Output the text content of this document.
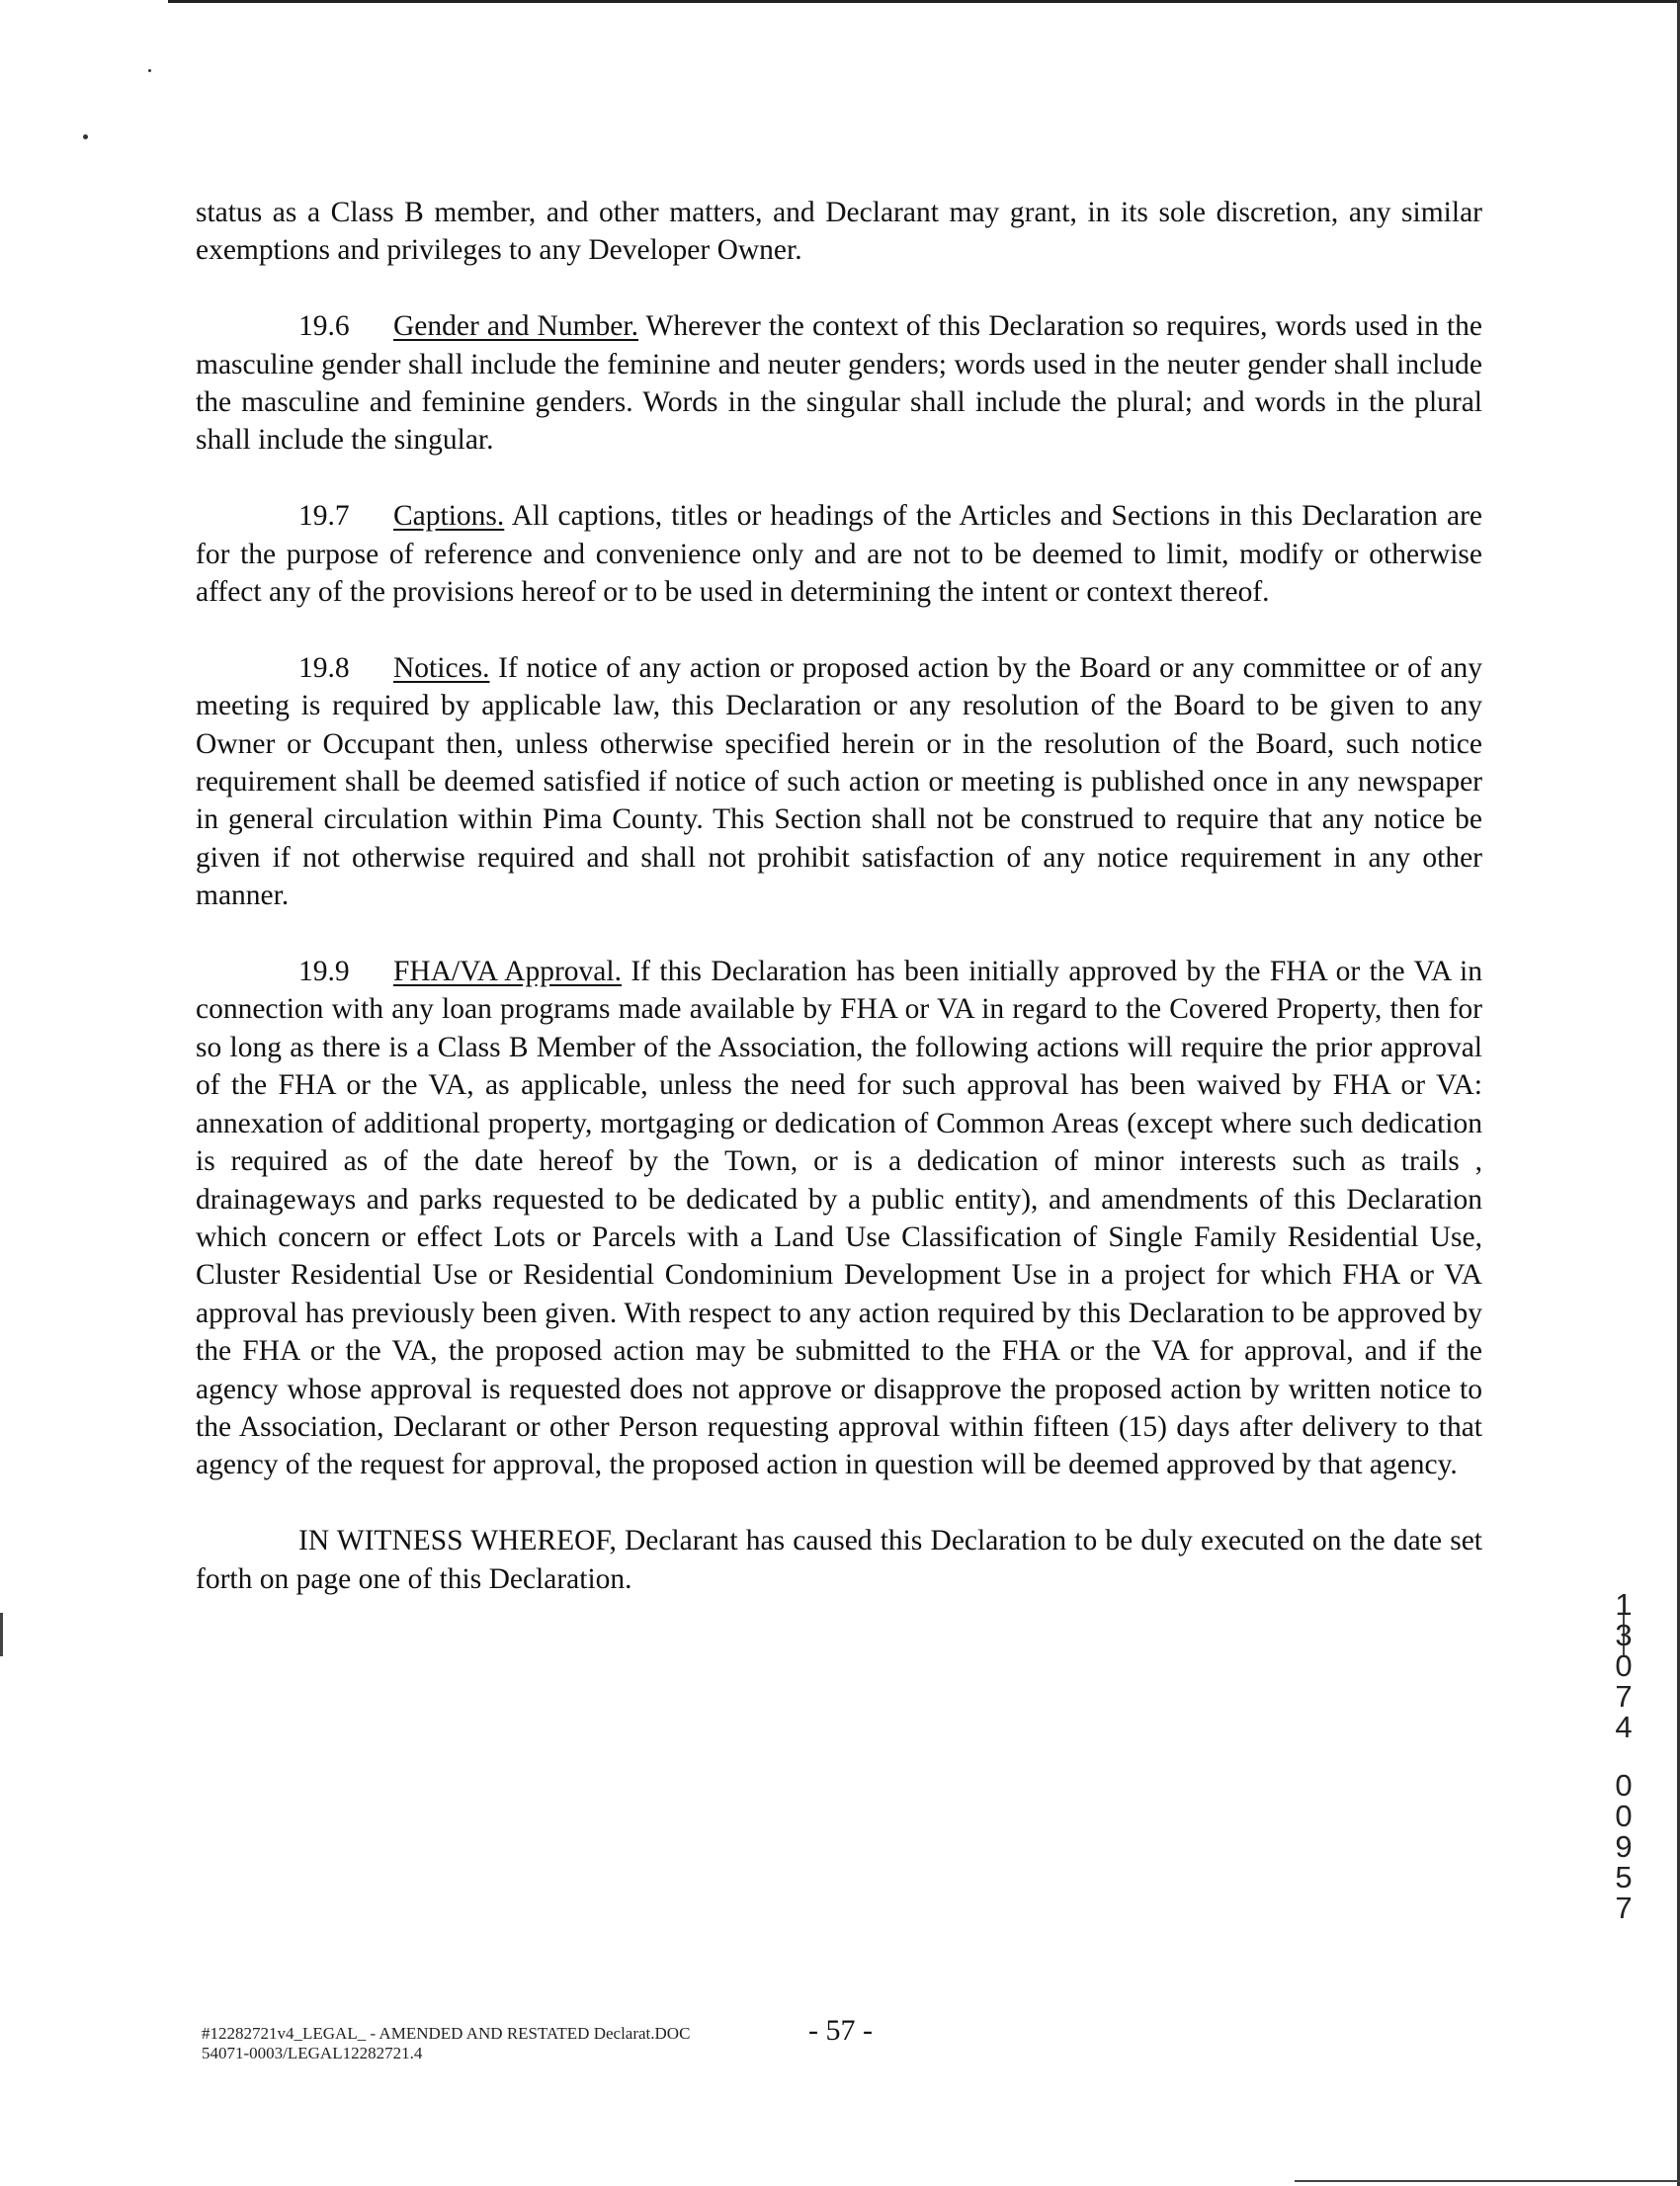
status as a Class B member, and other matters, and Declarant may grant, in its sole discretion, any similar exemptions and privileges to any Developer Owner.

19.6 Gender and Number. Wherever the context of this Declaration so requires, words used in the masculine gender shall include the feminine and neuter genders; words used in the neuter gender shall include the masculine and feminine genders. Words in the singular shall include the plural; and words in the plural shall include the singular.

19.7 Captions. All captions, titles or headings of the Articles and Sections in this Declaration are for the purpose of reference and convenience only and are not to be deemed to limit, modify or otherwise affect any of the provisions hereof or to be used in determining the intent or context thereof.

19.8 Notices. If notice of any action or proposed action by the Board or any committee or of any meeting is required by applicable law, this Declaration or any resolution of the Board to be given to any Owner or Occupant then, unless otherwise specified herein or in the resolution of the Board, such notice requirement shall be deemed satisfied if notice of such action or meeting is published once in any newspaper in general circulation within Pima County. This Section shall not be construed to require that any notice be given if not otherwise required and shall not prohibit satisfaction of any notice requirement in any other manner.

19.9 FHA/VA Approval. If this Declaration has been initially approved by the FHA or the VA in connection with any loan programs made available by FHA or VA in regard to the Covered Property, then for so long as there is a Class B Member of the Association, the following actions will require the prior approval of the FHA or the VA, as applicable, unless the need for such approval has been waived by FHA or VA: annexation of additional property, mortgaging or dedication of Common Areas (except where such dedication is required as of the date hereof by the Town, or is a dedication of minor interests such as trails , drainageways and parks requested to be dedicated by a public entity), and amendments of this Declaration which concern or effect Lots or Parcels with a Land Use Classification of Single Family Residential Use, Cluster Residential Use or Residential Condominium Development Use in a project for which FHA or VA approval has previously been given. With respect to any action required by this Declaration to be approved by the FHA or the VA, the proposed action may be submitted to the FHA or the VA for approval, and if the agency whose approval is requested does not approve or disapprove the proposed action by written notice to the Association, Declarant or other Person requesting approval within fifteen (15) days after delivery to that agency of the request for approval, the proposed action in question will be deemed approved by that agency.

IN WITNESS WHEREOF, Declarant has caused this Declaration to be duly executed on the date set forth on page one of this Declaration.

1
3
0
7
4
0
0
9
5
7
#12282721v4_LEGAL_ - AMENDED AND RESTATED Declarat.DOC
54071-0003/LEGAL12282721.4
- 57 -
